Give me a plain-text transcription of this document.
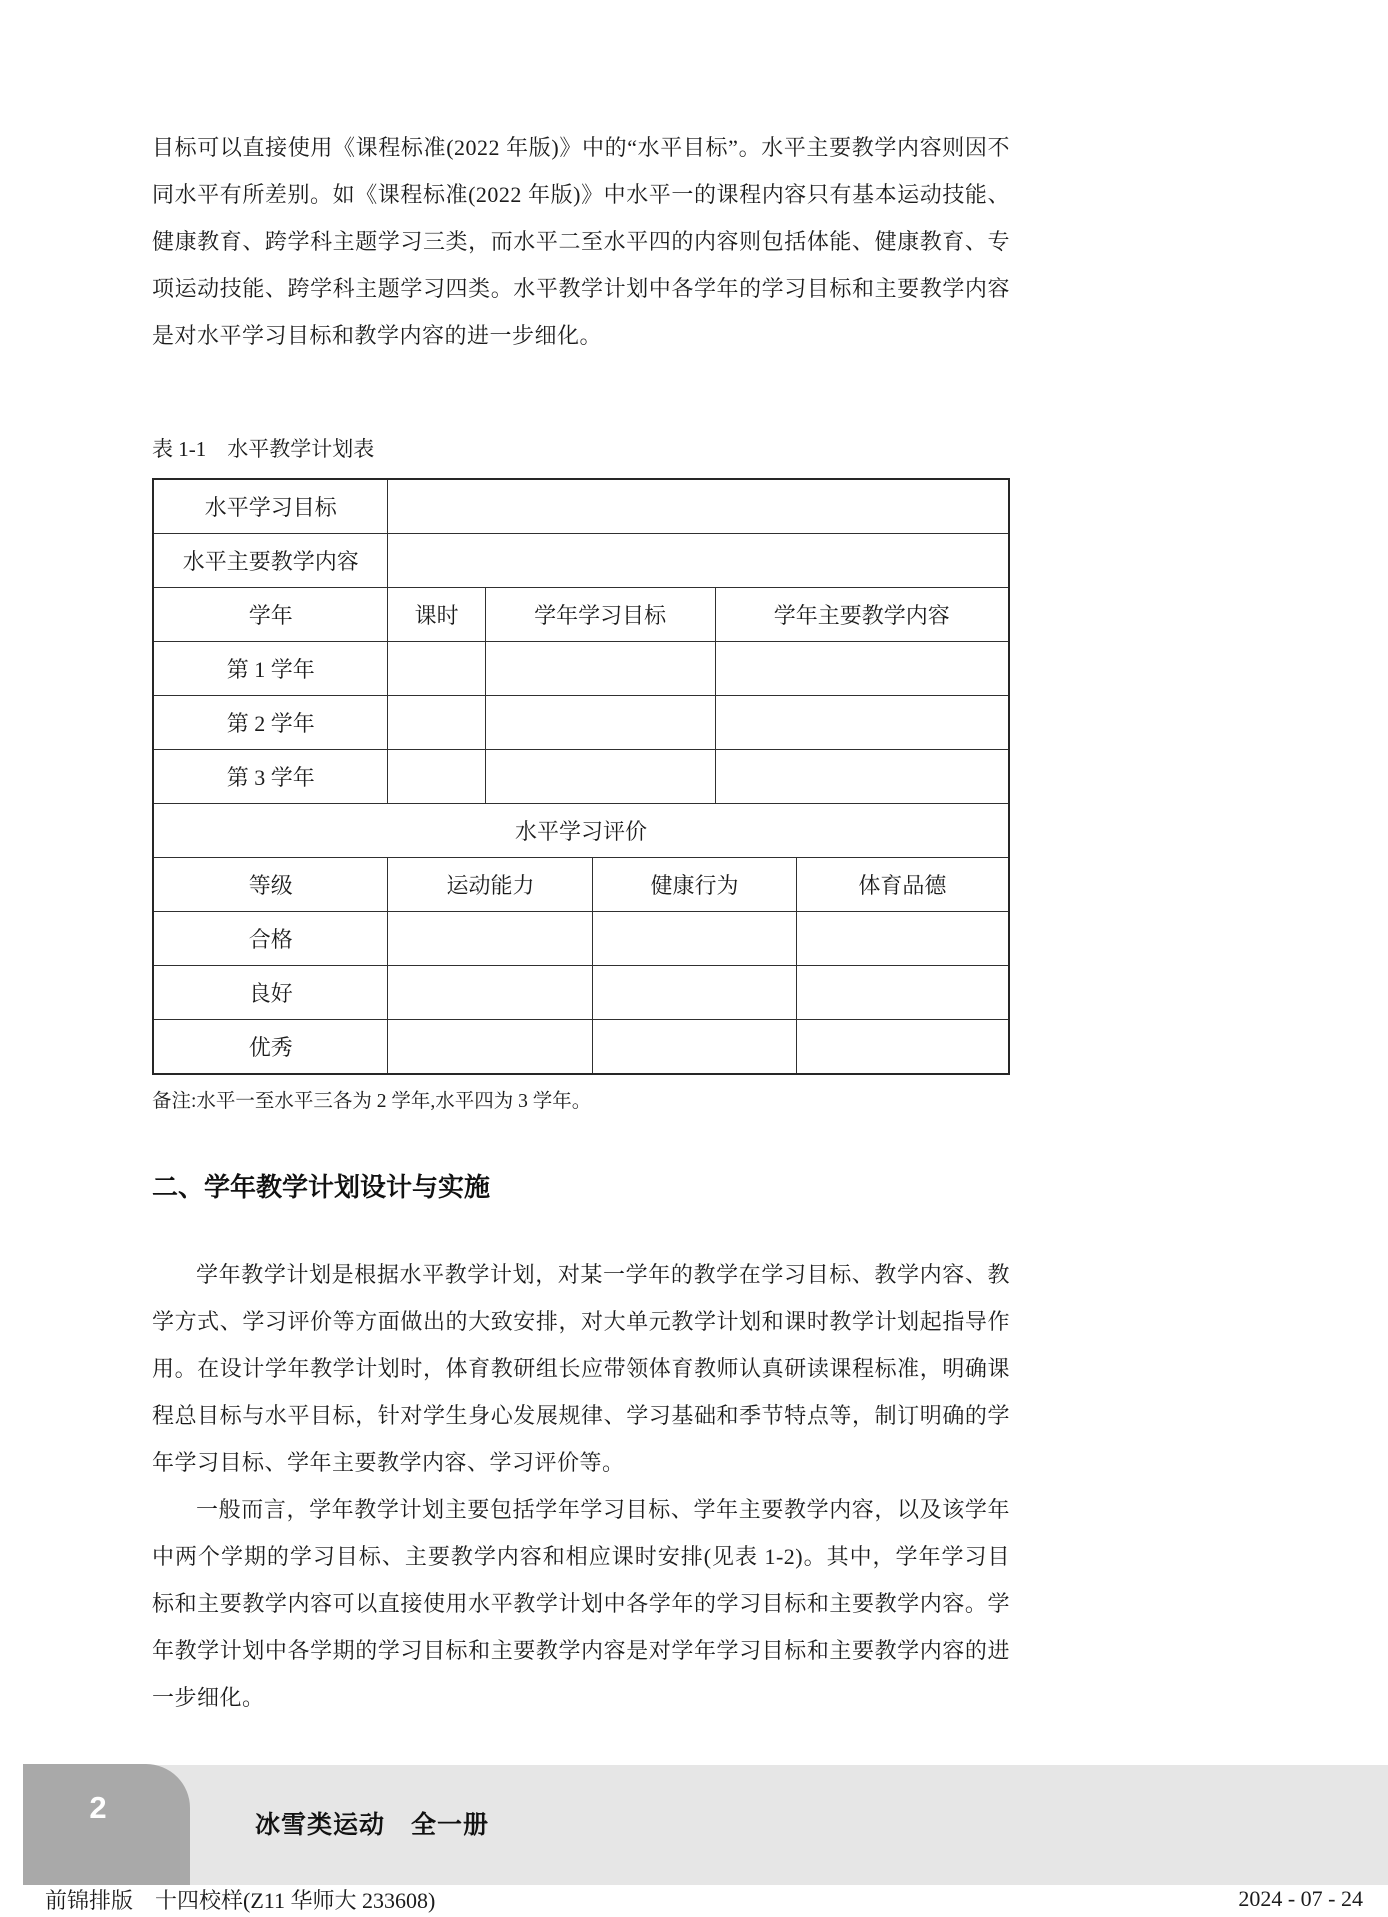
目标可以直接使用《课程标准(2022 年版)》中的“水平目标”。水平主要教学内容则因不同水平有所差别。如《课程标准(2022 年版)》中水平一的课程内容只有基本运动技能、健康教育、跨学科主题学习三类，而水平二至水平四的内容则包括体能、健康教育、专项运动技能、跨学科主题学习四类。水平教学计划中各学年的学习目标和主要教学内容是对水平学习目标和教学内容的进一步细化。

表 1-1　水平教学计划表

水平学习目标			
水平主要教学内容			
学年	课时	学年学习目标	学年主要教学内容
第 1 学年			
第 2 学年			
第 3 学年			
水平学习评价			
等级	运动能力	健康行为	体育品德
合格			
良好			
优秀			

备注:水平一至水平三各为 2 学年,水平四为 3 学年。

二、学年教学计划设计与实施

学年教学计划是根据水平教学计划，对某一学年的教学在学习目标、教学内容、教学方式、学习评价等方面做出的大致安排，对大单元教学计划和课时教学计划起指导作用。在设计学年教学计划时，体育教研组长应带领体育教师认真研读课程标准，明确课程总目标与水平目标，针对学生身心发展规律、学习基础和季节特点等，制订明确的学年学习目标、学年主要教学内容、学习评价等。

一般而言，学年教学计划主要包括学年学习目标、学年主要教学内容，以及该学年中两个学期的学习目标、主要教学内容和相应课时安排(见表 1-2)。其中，学年学习目标和主要教学内容可以直接使用水平教学计划中各学年的学习目标和主要教学内容。学年教学计划中各学期的学习目标和主要教学内容是对学年学习目标和主要教学内容的进一步细化。

2	冰雪类运动　全一册
前锦排版　十四校样(Z11 华师大 233608)	2024 - 07 - 24
